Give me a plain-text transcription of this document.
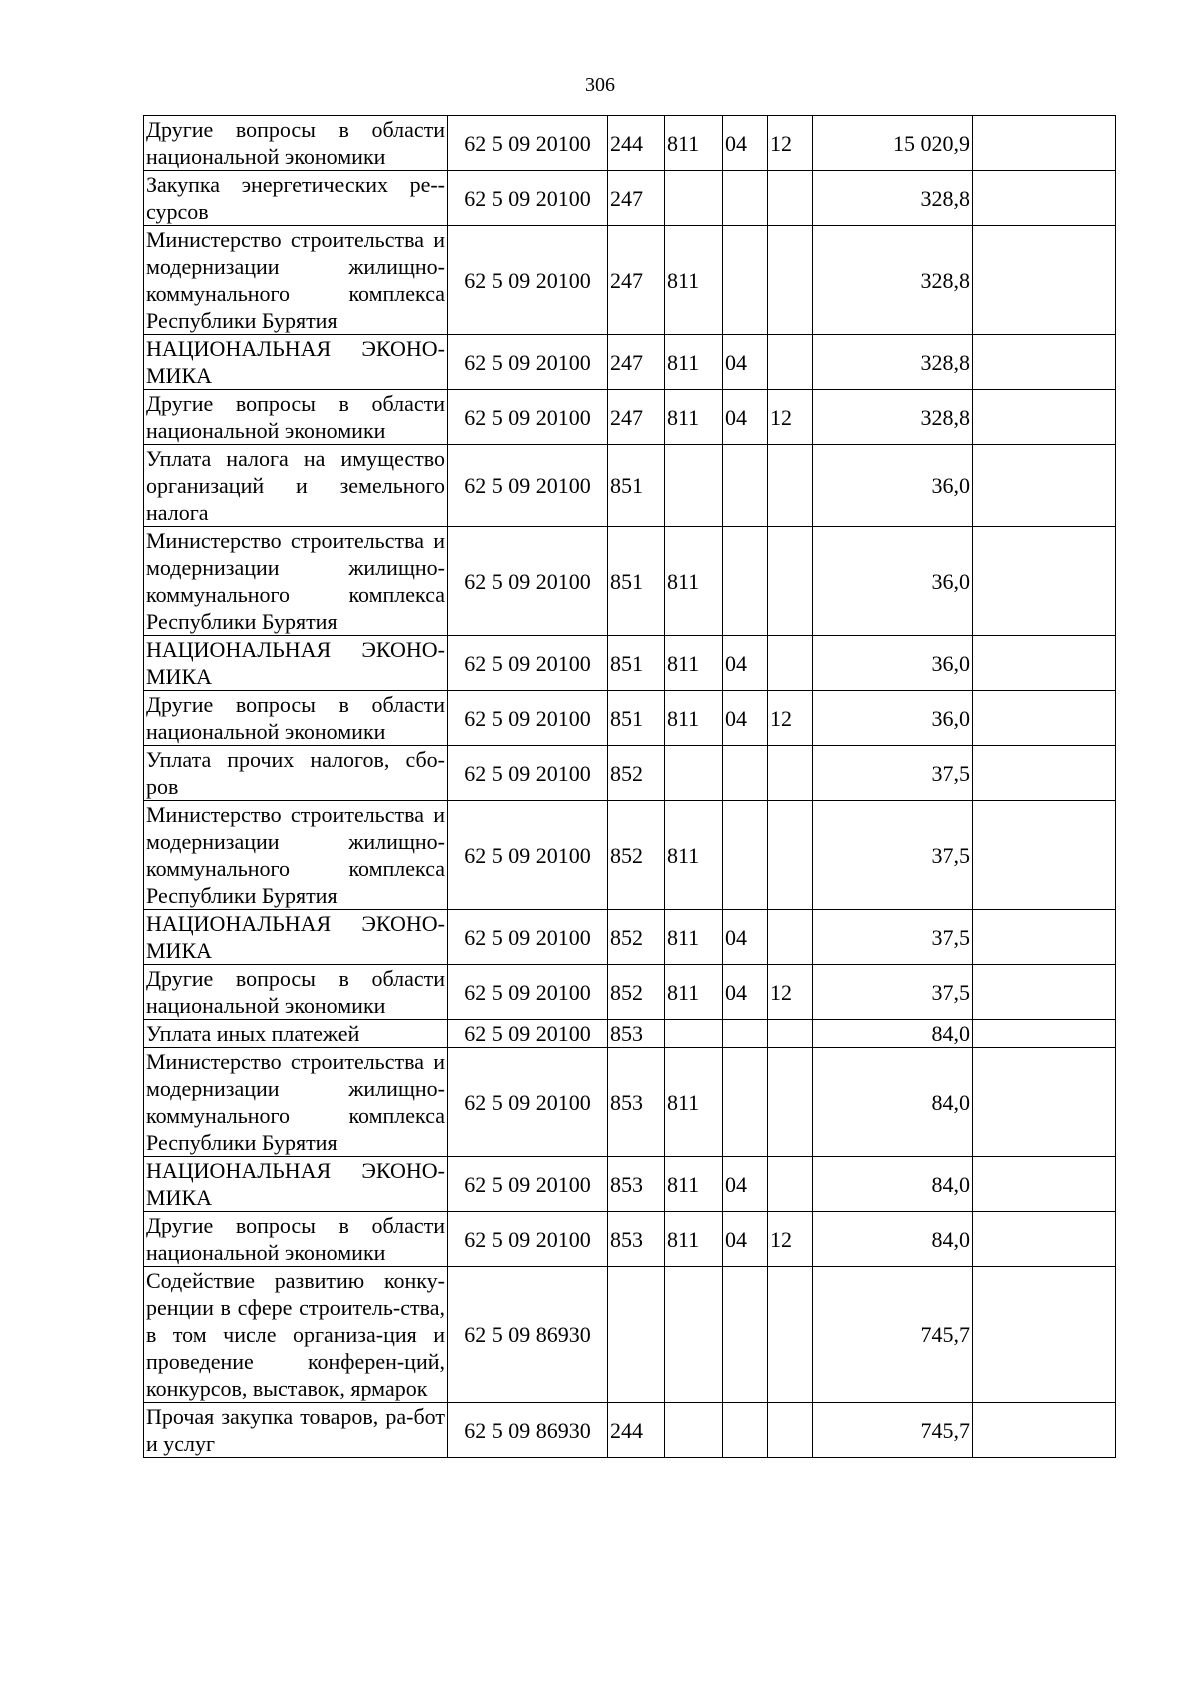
306
Другие вопросы в области национальной экономики	62 5 09 20100	244	811	04	12	15 020,9	
Закупка энергетических ре-сурсов	62 5 09 20100	247				328,8	
Министерство строительства и модернизации жилищно-коммунального комплекса Республики Бурятия	62 5 09 20100	247	811			328,8	
НАЦИОНАЛЬНАЯ ЭКОНО-МИКА	62 5 09 20100	247	811	04		328,8	
Другие вопросы в области национальной экономики	62 5 09 20100	247	811	04	12	328,8	
Уплата налога на имущество организаций и земельного налога	62 5 09 20100	851				36,0	
Министерство строительства и модернизации жилищно-коммунального комплекса Республики Бурятия	62 5 09 20100	851	811			36,0	
НАЦИОНАЛЬНАЯ ЭКОНО-МИКА	62 5 09 20100	851	811	04		36,0	
Другие вопросы в области национальной экономики	62 5 09 20100	851	811	04	12	36,0	
Уплата прочих налогов, сбо-ров	62 5 09 20100	852				37,5	
Министерство строительства и модернизации жилищно-коммунального комплекса Республики Бурятия	62 5 09 20100	852	811			37,5	
НАЦИОНАЛЬНАЯ ЭКОНО-МИКА	62 5 09 20100	852	811	04		37,5	
Другие вопросы в области национальной экономики	62 5 09 20100	852	811	04	12	37,5	
Уплата иных платежей	62 5 09 20100	853				84,0	
Министерство строительства и модернизации жилищно-коммунального комплекса Республики Бурятия	62 5 09 20100	853	811			84,0	
НАЦИОНАЛЬНАЯ ЭКОНО-МИКА	62 5 09 20100	853	811	04		84,0	
Другие вопросы в области национальной экономики	62 5 09 20100	853	811	04	12	84,0	
Содействие развитию конку-ренции в сфере строитель-ства, в том числе организа-ция и проведение конферен-ций, конкурсов, выставок, ярмарок	62 5 09 86930					745,7	
Прочая закупка товаров, ра-бот и услуг	62 5 09 86930	244				745,7	
